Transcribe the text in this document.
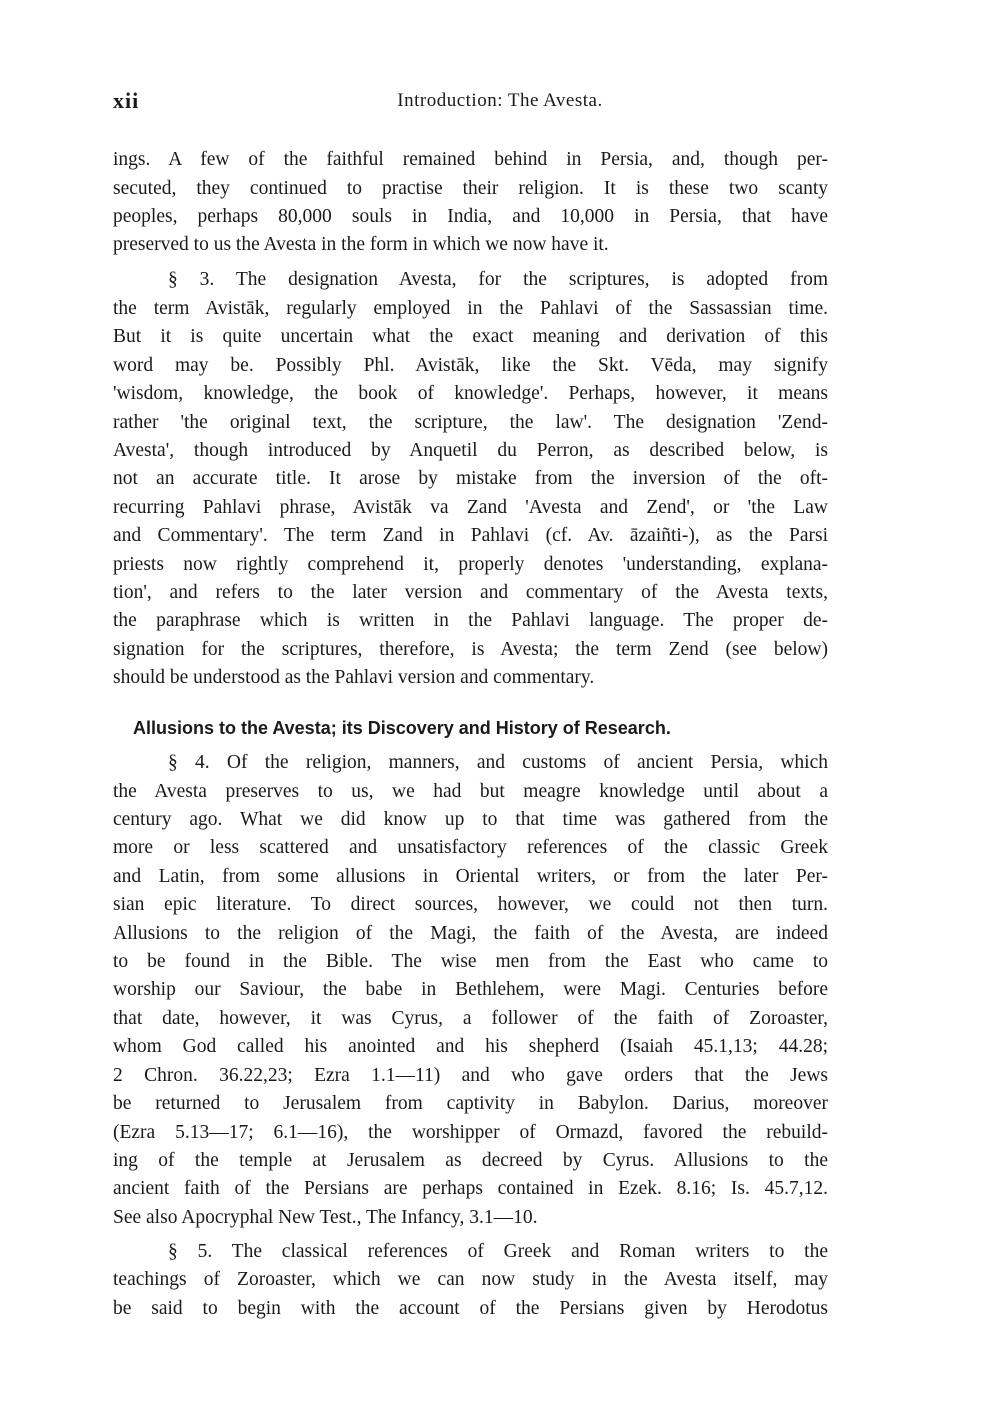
xii	Introduction: The Avesta.

ings. A few of the faithful remained behind in Persia, and, though per-

secuted, they continued to practise their religion. It is these two scanty

peoples, perhaps 80,000 souls in India, and 10,000 in Persia, that have

preserved to us the Avesta in the form in which we now have it.

§ 3. The designation Avesta, for the scriptures, is adopted from

the term Avistāk, regularly employed in the Pahlavi of the Sassassian time.

But it is quite uncertain what the exact meaning and derivation of this

word may be. Possibly Phl. Avistāk, like the Skt. Vēda, may signify

'wisdom, knowledge, the book of knowledge'. Perhaps, however, it means

rather 'the original text, the scripture, the law'. The designation 'Zend-

Avesta', though introduced by Anquetil du Perron, as described below, is

not an accurate title. It arose by mistake from the inversion of the oft-

recurring Pahlavi phrase, Avistāk va Zand 'Avesta and Zend', or 'the Law

and Commentary'. The term Zand in Pahlavi (cf. Av. āzaiñti-), as the Parsi

priests now rightly comprehend it, properly denotes 'understanding, explana-

tion', and refers to the later version and commentary of the Avesta texts,

the paraphrase which is written in the Pahlavi language. The proper de-

signation for the scriptures, therefore, is Avesta; the term Zend (see below)

should be understood as the Pahlavi version and commentary.

Allusions to the Avesta; its Discovery and History of Research.

§ 4. Of the religion, manners, and customs of ancient Persia, which

the Avesta preserves to us, we had but meagre knowledge until about a

century ago. What we did know up to that time was gathered from the

more or less scattered and unsatisfactory references of the classic Greek

and Latin, from some allusions in Oriental writers, or from the later Per-

sian epic literature. To direct sources, however, we could not then turn.

Allusions to the religion of the Magi, the faith of the Avesta, are indeed

to be found in the Bible. The wise men from the East who came to

worship our Saviour, the babe in Bethlehem, were Magi. Centuries before

that date, however, it was Cyrus, a follower of the faith of Zoroaster,

whom God called his anointed and his shepherd (Isaiah 45.1,13; 44.28;

2 Chron. 36.22,23; Ezra 1.1—11) and who gave orders that the Jews

be returned to Jerusalem from captivity in Babylon. Darius, moreover

(Ezra 5.13—17; 6.1—16), the worshipper of Ormazd, favored the rebuild-

ing of the temple at Jerusalem as decreed by Cyrus. Allusions to the

ancient faith of the Persians are perhaps contained in Ezek. 8.16; Is. 45.7,12.

See also Apocryphal New Test., The Infancy, 3.1—10.

§ 5. The classical references of Greek and Roman writers to the

teachings of Zoroaster, which we can now study in the Avesta itself, may

be said to begin with the account of the Persians given by Herodotus
